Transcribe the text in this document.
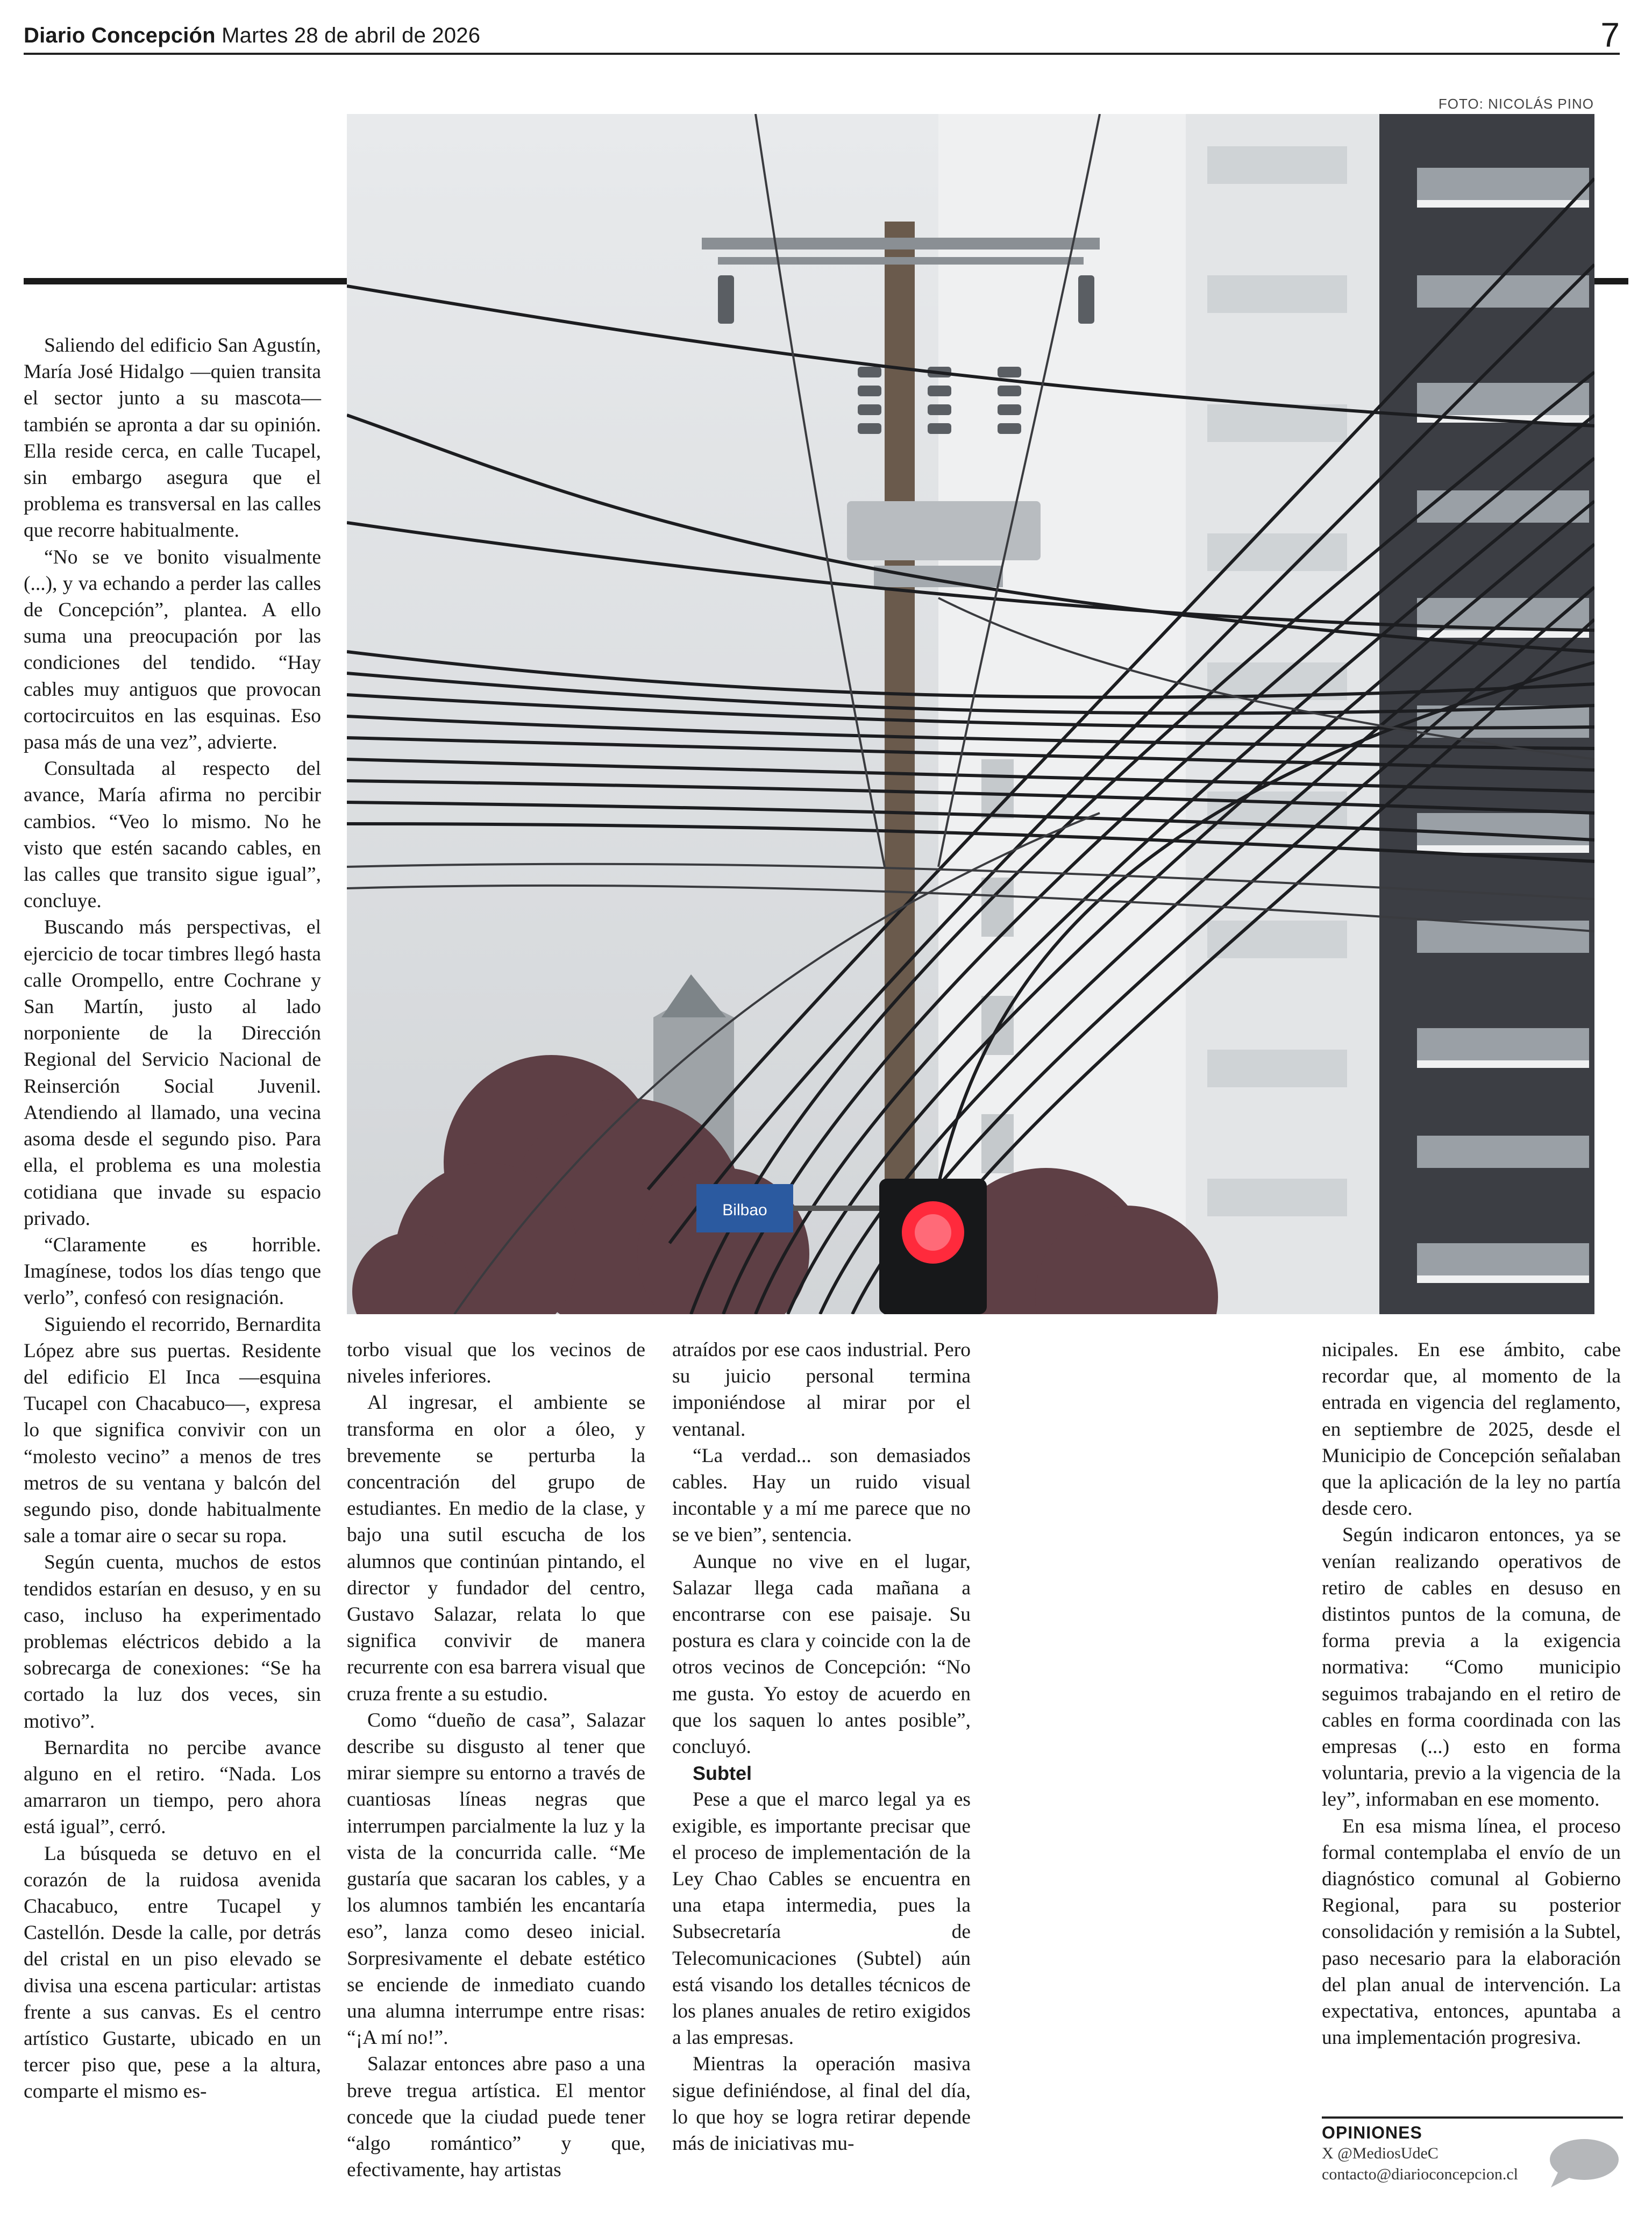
Diario Concepción Martes 28 de abril de 2026	7
FOTO: NICOLÁS PINO
Bilbao

Saliendo del edificio San Agustín, María José Hidalgo —quien transita el sector junto a su mascota— también se apronta a dar su opinión. Ella reside cerca, en calle Tucapel, sin embargo asegura que el problema es transversal en las calles que recorre habitualmente.

“No se ve bonito visualmente (...), y va echando a perder las calles de Concepción”, plantea. A ello suma una preocupación por las condiciones del tendido. “Hay cables muy antiguos que provocan cortocircuitos en las esquinas. Eso pasa más de una vez”, advierte.

Consultada al respecto del avance, María afirma no percibir cambios. “Veo lo mismo. No he visto que estén sacando cables, en las calles que transito sigue igual”, concluye.

Buscando más perspectivas, el ejercicio de tocar timbres llegó hasta calle Orompello, entre Cochrane y San Martín, justo al lado norponiente de la Dirección Regional del Servicio Nacional de Reinserción Social Juvenil. Atendiendo al llamado, una vecina asoma desde el segundo piso. Para ella, el problema es una molestia cotidiana que invade su espacio privado.

“Claramente es horrible. Imagínese, todos los días tengo que verlo”, confesó con resignación.

Siguiendo el recorrido, Bernardita López abre sus puertas. Residente del edificio El Inca —esquina Tucapel con Chacabuco—, expresa lo que significa convivir con un “molesto vecino” a menos de tres metros de su ventana y balcón del segundo piso, donde habitualmente sale a tomar aire o secar su ropa.

Según cuenta, muchos de estos tendidos estarían en desuso, y en su caso, incluso ha experimentado problemas eléctricos debido a la sobrecarga de conexiones: “Se ha cortado la luz dos veces, sin motivo”.

Bernardita no percibe avance alguno en el retiro. “Nada. Los amarraron un tiempo, pero ahora está igual”, cerró.

La búsqueda se detuvo en el corazón de la ruidosa avenida Chacabuco, entre Tucapel y Castellón. Desde la calle, por detrás del cristal en un piso elevado se divisa una escena particular: artistas frente a sus canvas. Es el centro artístico Gustarte, ubicado en un tercer piso que, pese a la altura, comparte el mismo es-

torbo visual que los vecinos de niveles inferiores.

Al ingresar, el ambiente se transforma en olor a óleo, y brevemente se perturba la concentración del grupo de estudiantes. En medio de la clase, y bajo una sutil escucha de los alumnos que continúan pintando, el director y fundador del centro, Gustavo Salazar, relata lo que significa convivir de manera recurrente con esa barrera visual que cruza frente a su estudio.

Como “dueño de casa”, Salazar describe su disgusto al tener que mirar siempre su entorno a través de cuantiosas líneas negras que interrumpen parcialmente la luz y la vista de la concurrida calle. “Me gustaría que sacaran los cables, y a los alumnos también les encantaría eso”, lanza como deseo inicial. Sorpresivamente el debate estético se enciende de inmediato cuando una alumna interrumpe entre risas: “¡A mí no!”.

Salazar entonces abre paso a una breve tregua artística. El mentor concede que la ciudad puede tener “algo romántico” y que, efectivamente, hay artistas

atraídos por ese caos industrial. Pero su juicio personal termina imponiéndose al mirar por el ventanal.

“La verdad... son demasiados cables. Hay un ruido visual incontable y a mí me parece que no se ve bien”, sentencia.

Aunque no vive en el lugar, Salazar llega cada mañana a encontrarse con ese paisaje. Su postura es clara y coincide con la de otros vecinos de Concepción: “No me gusta. Yo estoy de acuerdo en que los saquen lo antes posible”, concluyó.

Subtel

Pese a que el marco legal ya es exigible, es importante precisar que el proceso de implementación de la Ley Chao Cables se encuentra en una etapa intermedia, pues la Subsecretaría de Telecomunicaciones (Subtel) aún está visando los detalles técnicos de los planes anuales de retiro exigidos a las empresas.

Mientras la operación masiva sigue definiéndose, al final del día, lo que hoy se logra retirar depende más de iniciativas mu-

nicipales. En ese ámbito, cabe recordar que, al momento de la entrada en vigencia del reglamento, en septiembre de 2025, desde el Municipio de Concepción señalaban que la aplicación de la ley no partía desde cero.

Según indicaron entonces, ya se venían realizando operativos de retiro de cables en desuso en distintos puntos de la comuna, de forma previa a la exigencia normativa: “Como municipio seguimos trabajando en el retiro de cables en forma coordinada con las empresas (...) esto en forma voluntaria, previo a la vigencia de la ley”, informaban en ese momento.

En esa misma línea, el proceso formal contemplaba el envío de un diagnóstico comunal al Gobierno Regional, para su posterior consolidación y remisión a la Subtel, paso necesario para la elaboración del plan anual de intervención. La expectativa, entonces, apuntaba a una implementación progresiva.

OPINIONES
X @MediosUdeC
contacto@diarioconcepcion.cl
